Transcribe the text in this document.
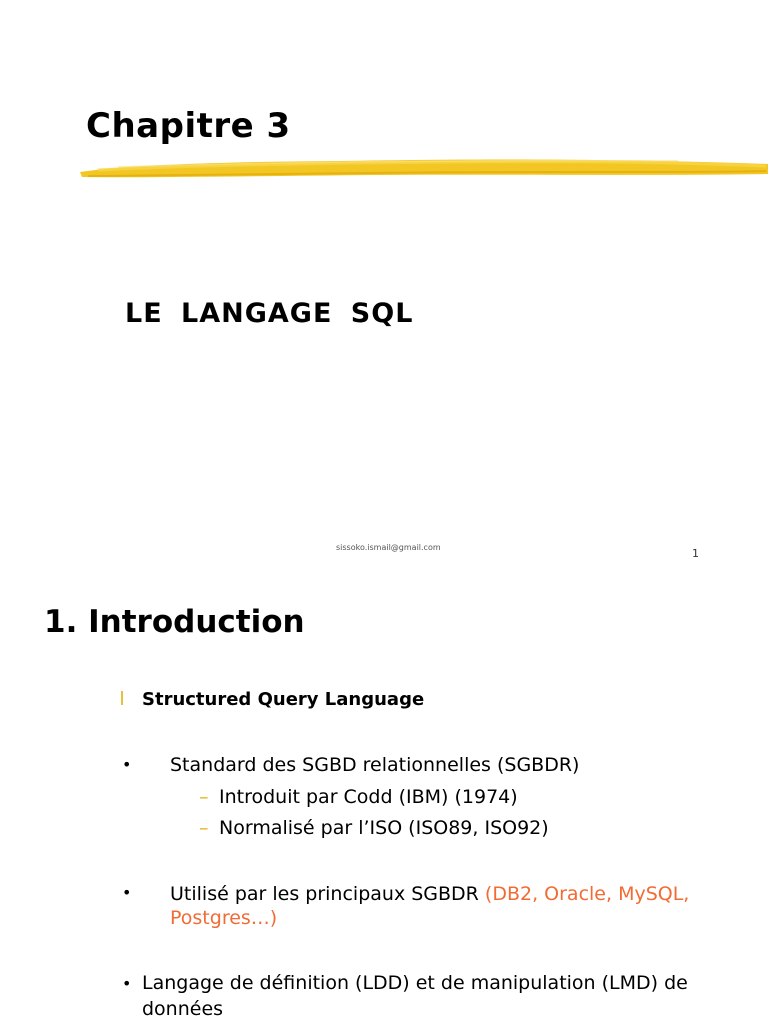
Chapitre 3
LE LANGAGE SQL
sissoko.ismail@gmail.com	1
1. Introduction
Structured Query Language
• Standard des SGBD relationnelles (SGBDR)
– Introduit par Codd (IBM) (1974)
– Normalisé par l’ISO (ISO89, ISO92)
• Utilisé par les principaux SGBDR (DB2, Oracle, MySQL,
Postgres…)
• Langage de définition (LDD) et de manipulation (LMD) de
données
